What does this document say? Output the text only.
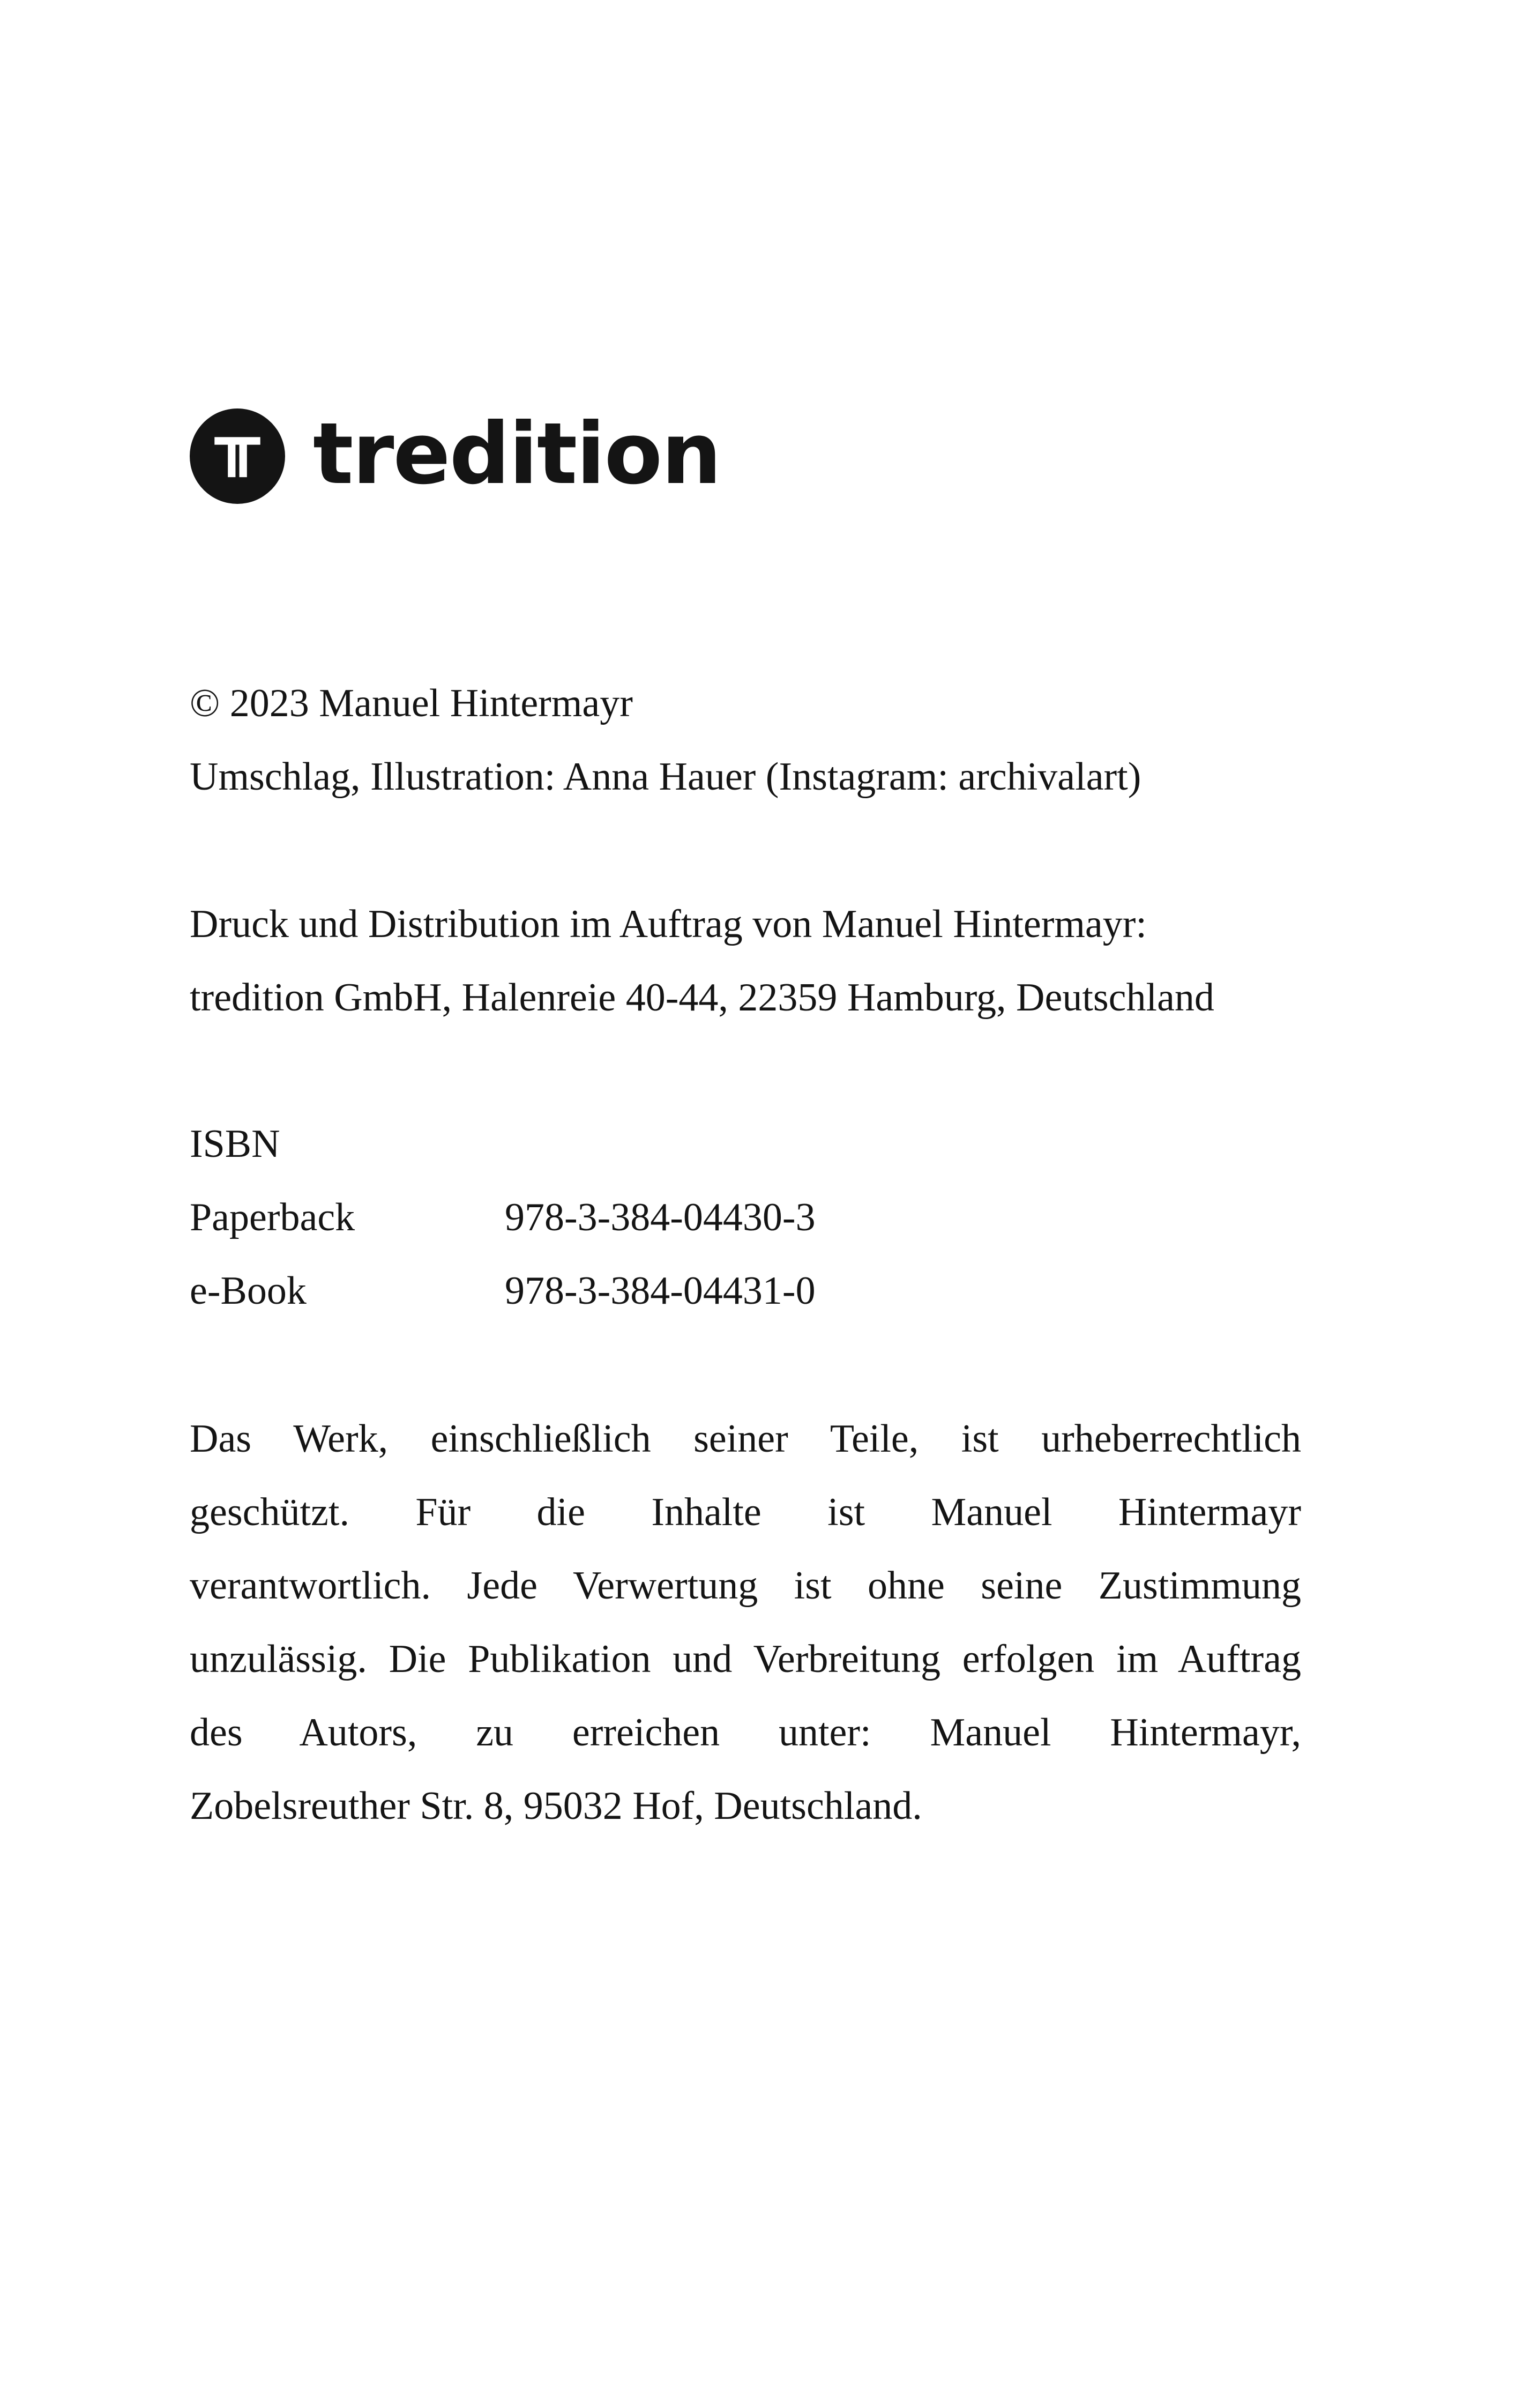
tredition
© 2023 Manuel Hintermayr
Umschlag, Illustration: Anna Hauer (Instagram: archivalart)
Druck und Distribution im Auftrag von Manuel Hintermayr:
tredition GmbH, Halenreie 40-44, 22359 Hamburg, Deutschland
ISBN
Paperback	978-3-384-04430-3
e-Book	978-3-384-04431-0
Das Werk, einschließlich seiner Teile, ist urheberrechtlich
geschützt. Für die Inhalte ist Manuel Hintermayr
verantwortlich. Jede Verwertung ist ohne seine Zustimmung
unzulässig. Die Publikation und Verbreitung erfolgen im Auftrag
des Autors, zu erreichen unter: Manuel Hintermayr,
Zobelsreuther Str. 8, 95032 Hof, Deutschland.
